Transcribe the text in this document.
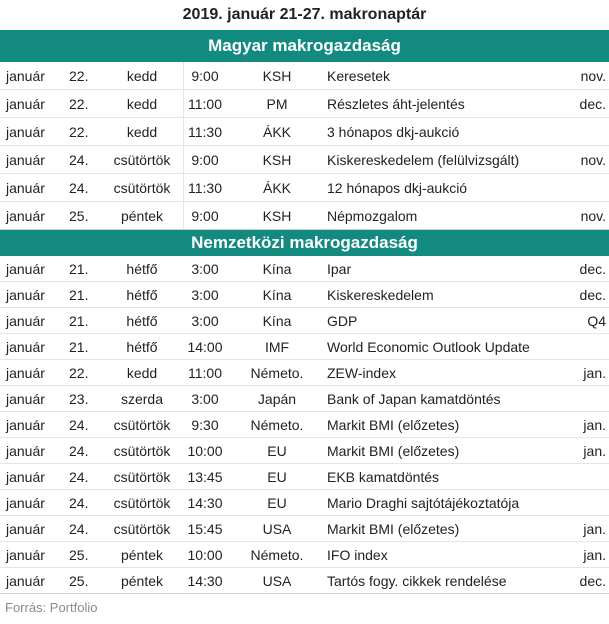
2019. január 21-27. makronaptár
Magyar makrogazdaság
január 22.	kedd	9:00	KSH	Keresetek	nov.
január 22.	kedd	11:00	PM	Részletes áht-jelentés	dec.
január 22.	kedd	11:30	ÁKK	3 hónapos dkj-aukció
január 24.	csütörtök	9:00	KSH	Kiskereskedelem (felülvizsgált)	nov.
január 24.	csütörtök	11:30	ÁKK	12 hónapos dkj-aukció
január 25.	péntek	9:00	KSH	Népmozgalom	nov.
Nemzetközi makrogazdaság
január 21.	hétfő	3:00	Kína	Ipar	dec.
január 21.	hétfő	3:00	Kína	Kiskereskedelem	dec.
január 21.	hétfő	3:00	Kína	GDP	Q4
január 21.	hétfő	14:00	IMF	World Economic Outlook Update
január 22.	kedd	11:00	Németo.	ZEW-index	jan.
január 23.	szerda	3:00	Japán	Bank of Japan kamatdöntés
január 24.	csütörtök	9:30	Németo.	Markit BMI (előzetes)	jan.
január 24.	csütörtök	10:00	EU	Markit BMI (előzetes)	jan.
január 24.	csütörtök	13:45	EU	EKB kamatdöntés
január 24.	csütörtök	14:30	EU	Mario Draghi sajtótájékoztatója
január 24.	csütörtök	15:45	USA	Markit BMI (előzetes)	jan.
január 25.	péntek	10:00	Németo.	IFO index	jan.
január 25.	péntek	14:30	USA	Tartós fogy. cikkek rendelése	dec.
Forrás: Portfolio
